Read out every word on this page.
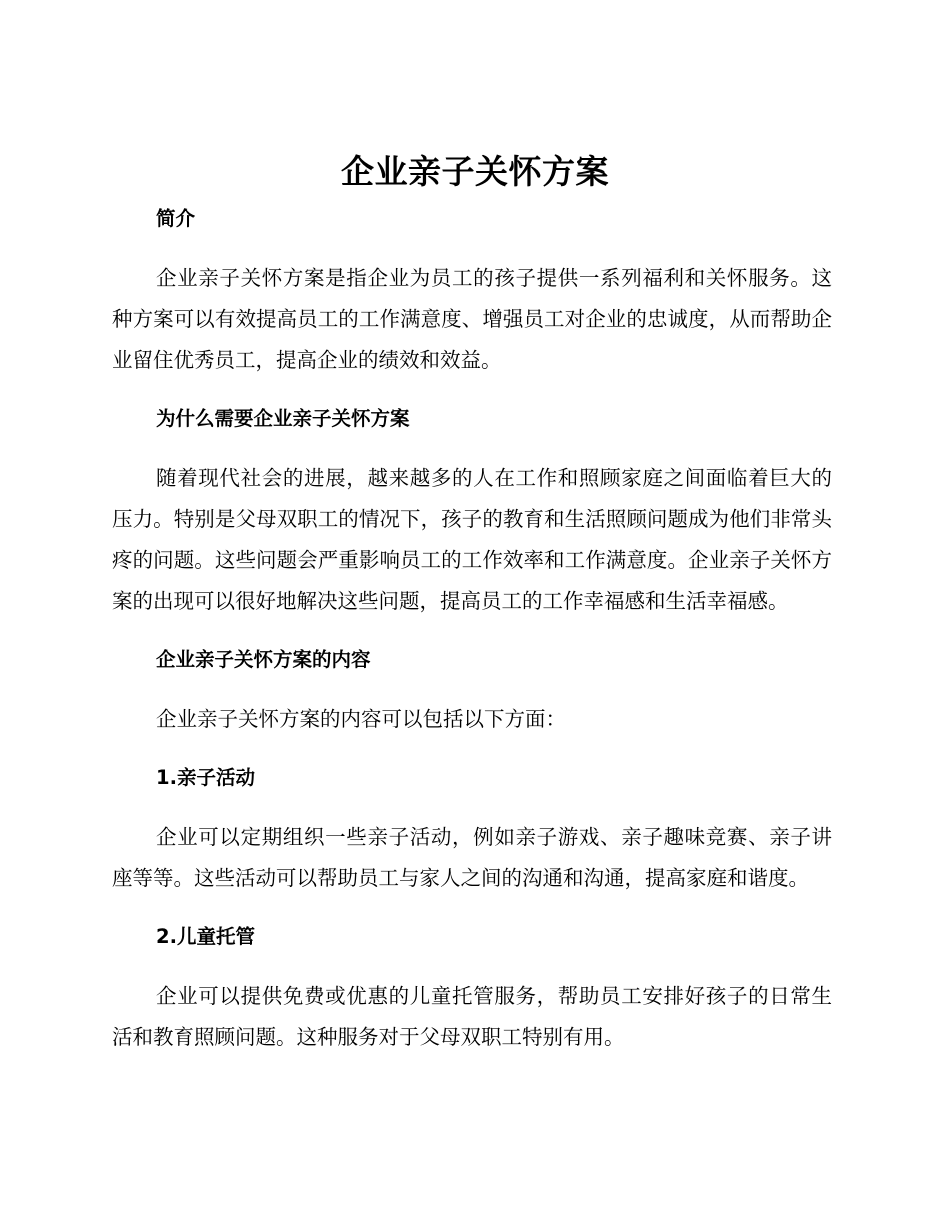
企业亲子关怀方案
简介

企业亲子关怀方案是指企业为员工的孩子提供一系列福利和关怀服务。这种方案可以有效提高员工的工作满意度、增强员工对企业的忠诚度，从而帮助企业留住优秀员工，提高企业的绩效和效益。

为什么需要企业亲子关怀方案

随着现代社会的进展，越来越多的人在工作和照顾家庭之间面临着巨大的压力。特别是父母双职工的情况下，孩子的教育和生活照顾问题成为他们非常头疼的问题。这些问题会严重影响员工的工作效率和工作满意度。企业亲子关怀方案的出现可以很好地解决这些问题，提高员工的工作幸福感和生活幸福感。

企业亲子关怀方案的内容

企业亲子关怀方案的内容可以包括以下方面：

1.亲子活动

企业可以定期组织一些亲子活动，例如亲子游戏、亲子趣味竞赛、亲子讲座等等。这些活动可以帮助员工与家人之间的沟通和沟通，提高家庭和谐度。

2.儿童托管

企业可以提供免费或优惠的儿童托管服务，帮助员工安排好孩子的日常生活和教育照顾问题。这种服务对于父母双职工特别有用。
